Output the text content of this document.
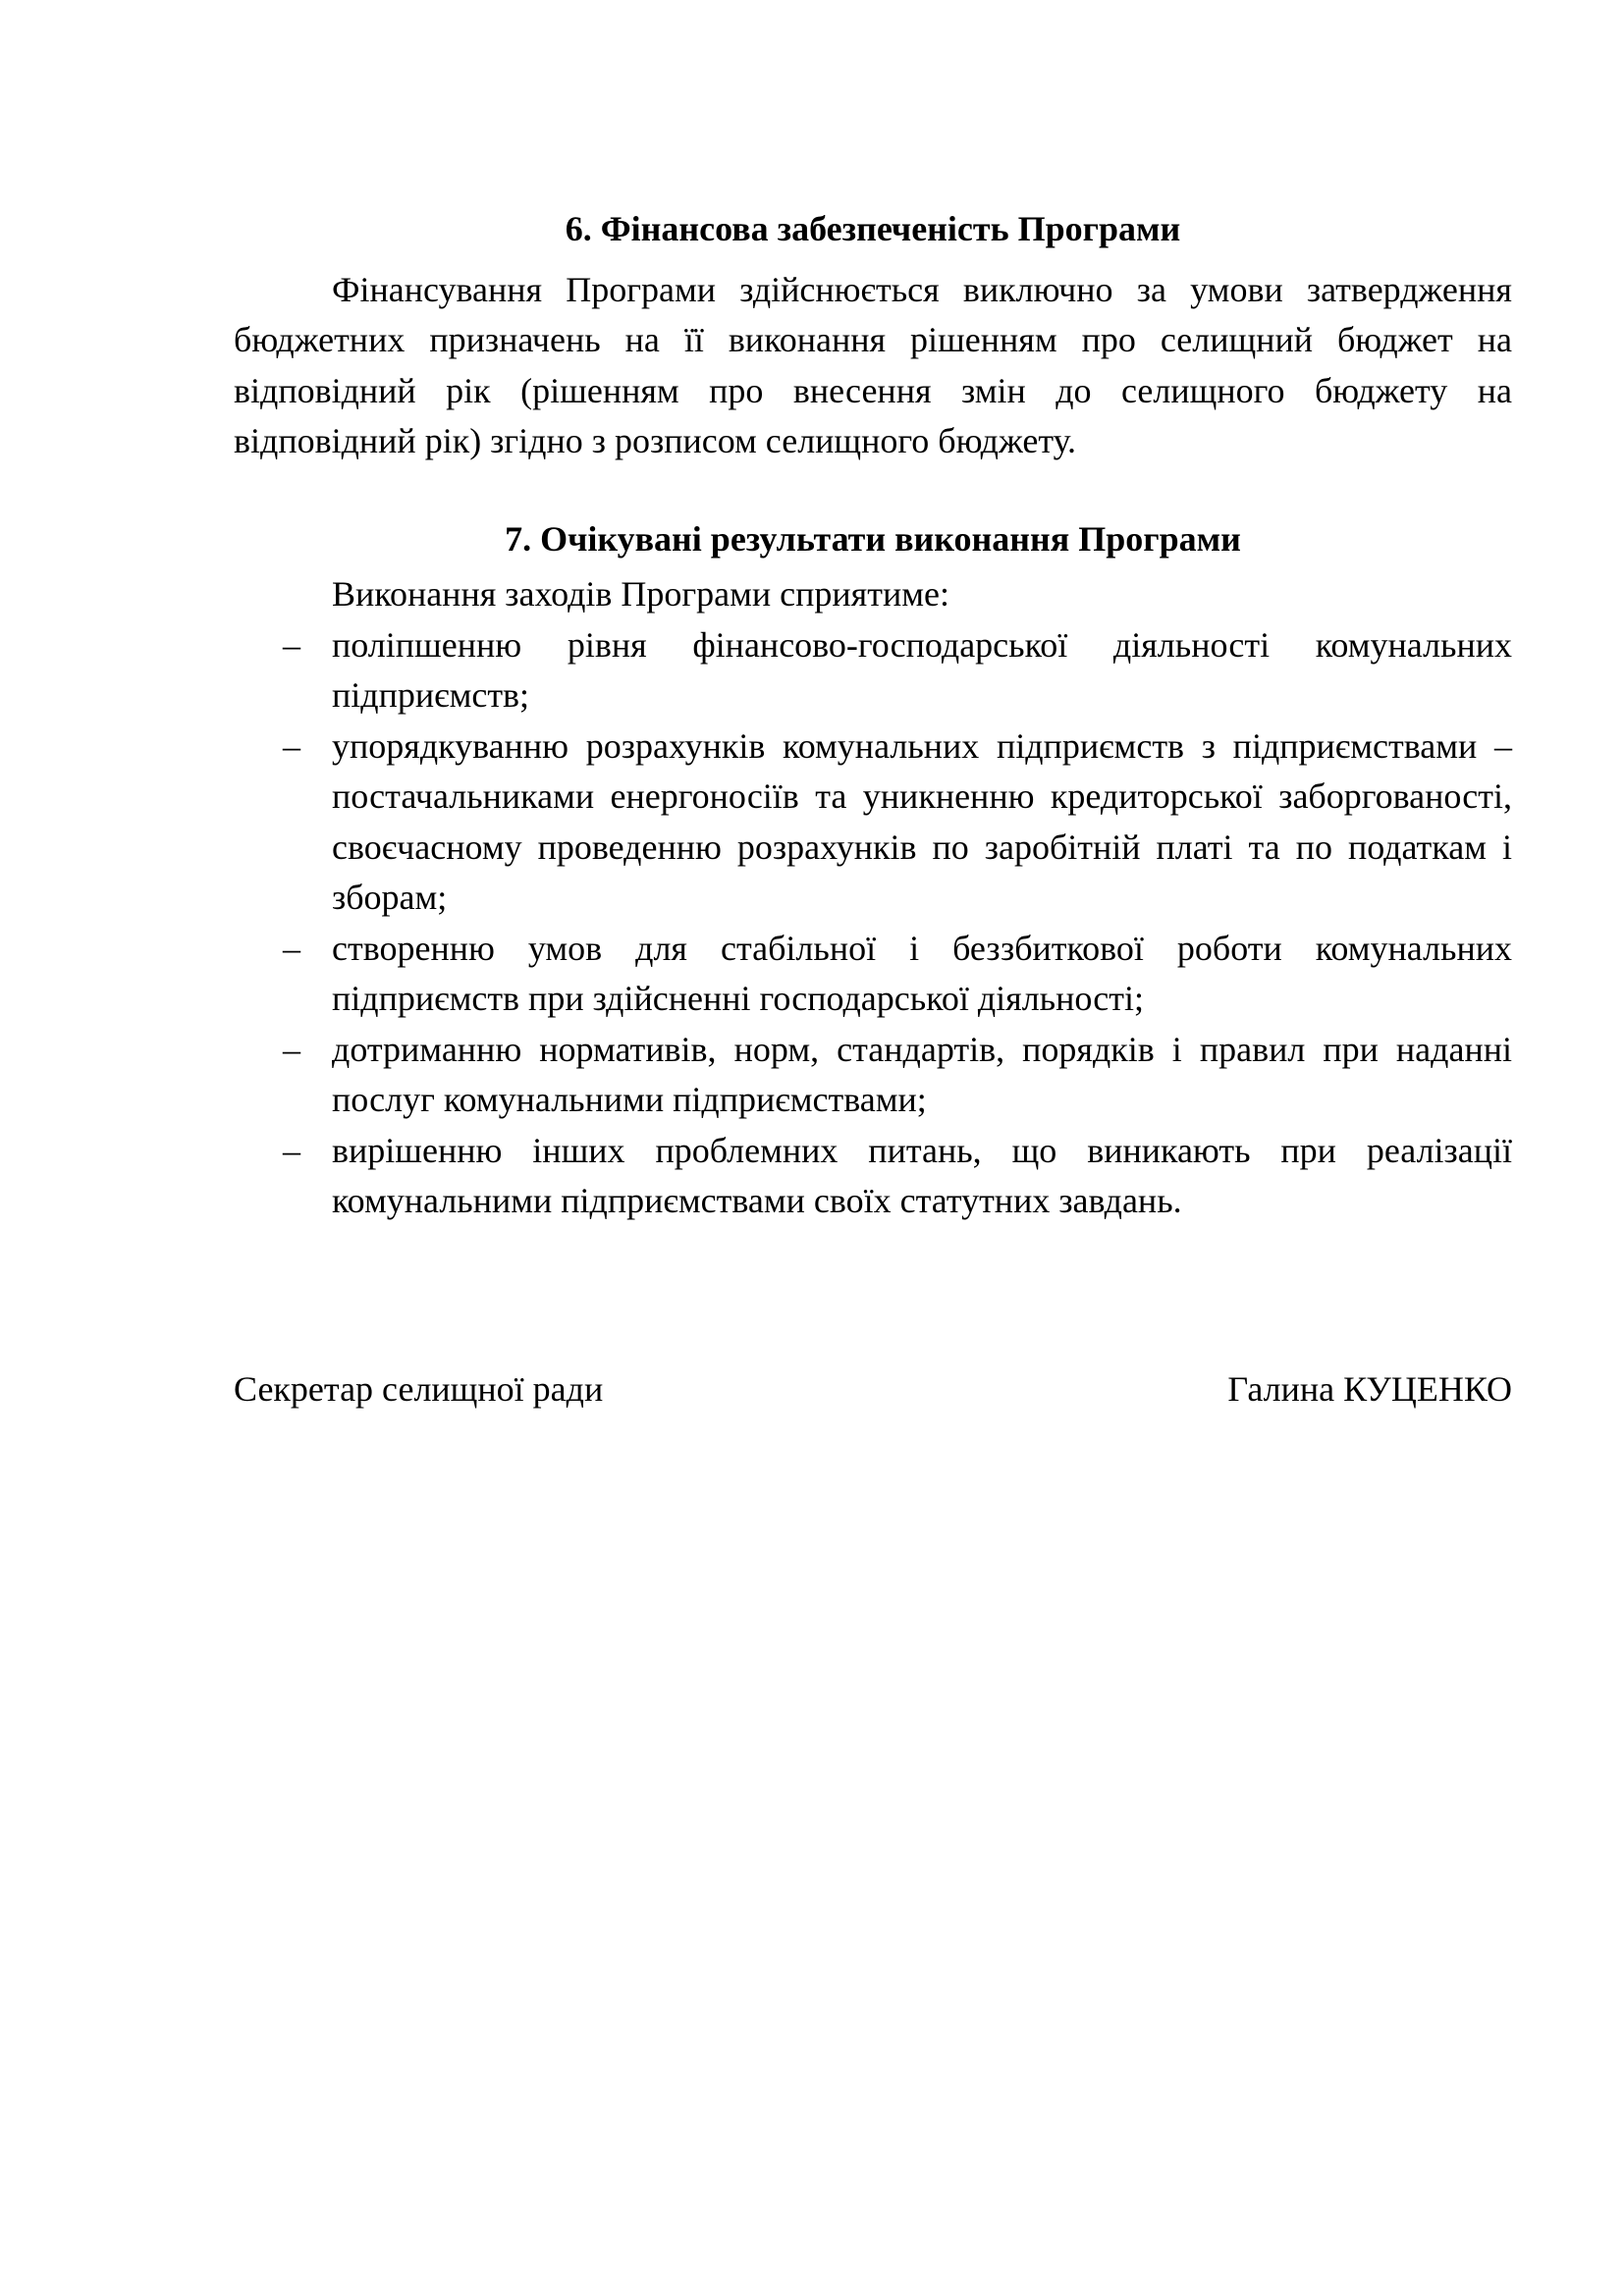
6. Фінансова забезпеченість Програми

Фінансування Програми здійснюється виключно за умови затвердження бюджетних призначень на її виконання рішенням про селищний бюджет на відповідний рік (рішенням про внесення змін до селищного бюджету на відповідний рік) згідно з розписом селищного бюджету.

7. Очікувані результати виконання Програми

Виконання заходів Програми сприятиме:

– поліпшенню рівня фінансово-господарської діяльності комунальних підприємств;
– упорядкуванню розрахунків комунальних підприємств з підприємствами – постачальниками енергоносіїв та уникненню кредиторської заборгованості, своєчасному проведенню розрахунків по заробітній платі та по податкам і зборам;
– створенню умов для стабільної і беззбиткової роботи комунальних підприємств при здійсненні господарської діяльності;
– дотриманню нормативів, норм, стандартів, порядків і правил при наданні послуг комунальними підприємствами;
– вирішенню інших проблемних питань, що виникають при реалізації комунальними підприємствами своїх статутних завдань.
Секретар селищної ради	Галина КУЦЕНКО
